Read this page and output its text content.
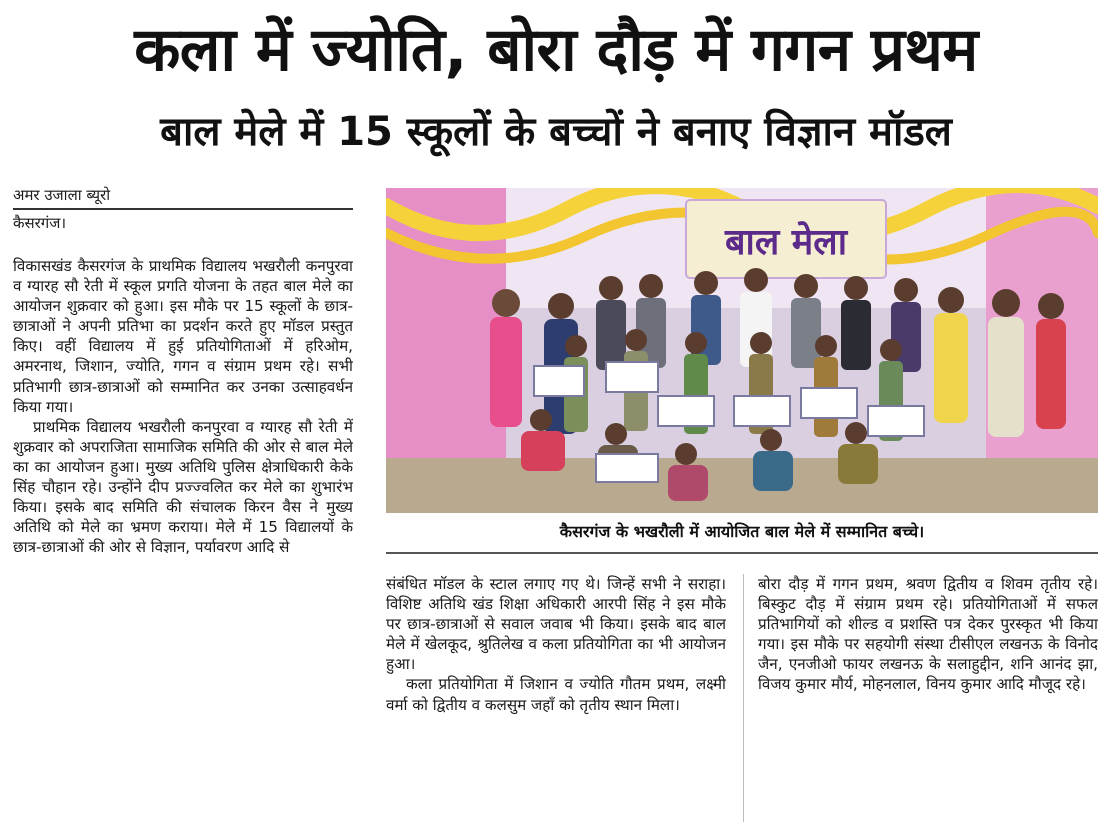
कला में ज्योति, बोरा दौड़ में गगन प्रथम
बाल मेले में 15 स्कूलों के बच्चों ने बनाए विज्ञान मॉडल
अमर उजाला ब्यूरो
कैसरगंज।

विकासखंड कैसरगंज के प्राथमिक विद्यालय भखरौली कनपुरवा व ग्यारह सौ रेती में स्कूल प्रगति योजना के तहत बाल मेले का आयोजन शुक्रवार को हुआ। इस मौके पर 15 स्कूलों के छात्र-छात्राओं ने अपनी प्रतिभा का प्रदर्शन करते हुए मॉडल प्रस्तुत किए। वहीं विद्यालय में हुई प्रतियोगिताओं में हरिओम, अमरनाथ, जिशान, ज्योति, गगन व संग्राम प्रथम रहे। सभी प्रतिभागी छात्र-छात्राओं को सम्मानित कर उनका उत्साहवर्धन किया गया।

प्राथमिक विद्यालय भखरौली कनपुरवा व ग्यारह सौ रेती में शुक्रवार को अपराजिता सामाजिक समिति की ओर से बाल मेले का का आयोजन हुआ। मुख्य अतिथि पुलिस क्षेत्राधिकारी केके सिंह चौहान रहे। उन्होंने दीप प्रज्ज्वलित कर मेले का शुभारंभ किया। इसके बाद समिति की संचालक किरन वैस ने मुख्य अतिथि को मेले का भ्रमण कराया। मेले में 15 विद्यालयों के छात्र-छात्राओं की ओर से विज्ञान, पर्यावरण आदि से

बाल मेला
कैसरगंज के भखरौली में आयोजित बाल मेले में सम्मानित बच्चे।

संबंधित मॉडल के स्टाल लगाए गए थे। जिन्हें सभी ने सराहा। विशिष्ट अतिथि खंड शिक्षा अधिकारी आरपी सिंह ने इस मौके पर छात्र-छात्राओं से सवाल जवाब भी किया। इसके बाद बाल मेले में खेलकूद, श्रुतिलेख व कला प्रतियोगिता का भी आयोजन हुआ।

कला प्रतियोगिता में जिशान व ज्योति गौतम प्रथम, लक्ष्मी वर्मा को द्वितीय व कलसुम जहाँ को तृतीय स्थान मिला।

बोरा दौड़ में गगन प्रथम, श्रवण द्वितीय व शिवम तृतीय रहे। बिस्कुट दौड़ में संग्राम प्रथम रहे। प्रतियोगिताओं में सफल प्रतिभागियों को शील्ड व प्रशस्ति पत्र देकर पुरस्कृत भी किया गया। इस मौके पर सहयोगी संस्था टीसीएल लखनऊ के विनोद जैन, एनजीओ फायर लखनऊ के सलाहुद्दीन, शनि आनंद झा, विजय कुमार मौर्य, मोहनलाल, विनय कुमार आदि मौजूद रहे।
